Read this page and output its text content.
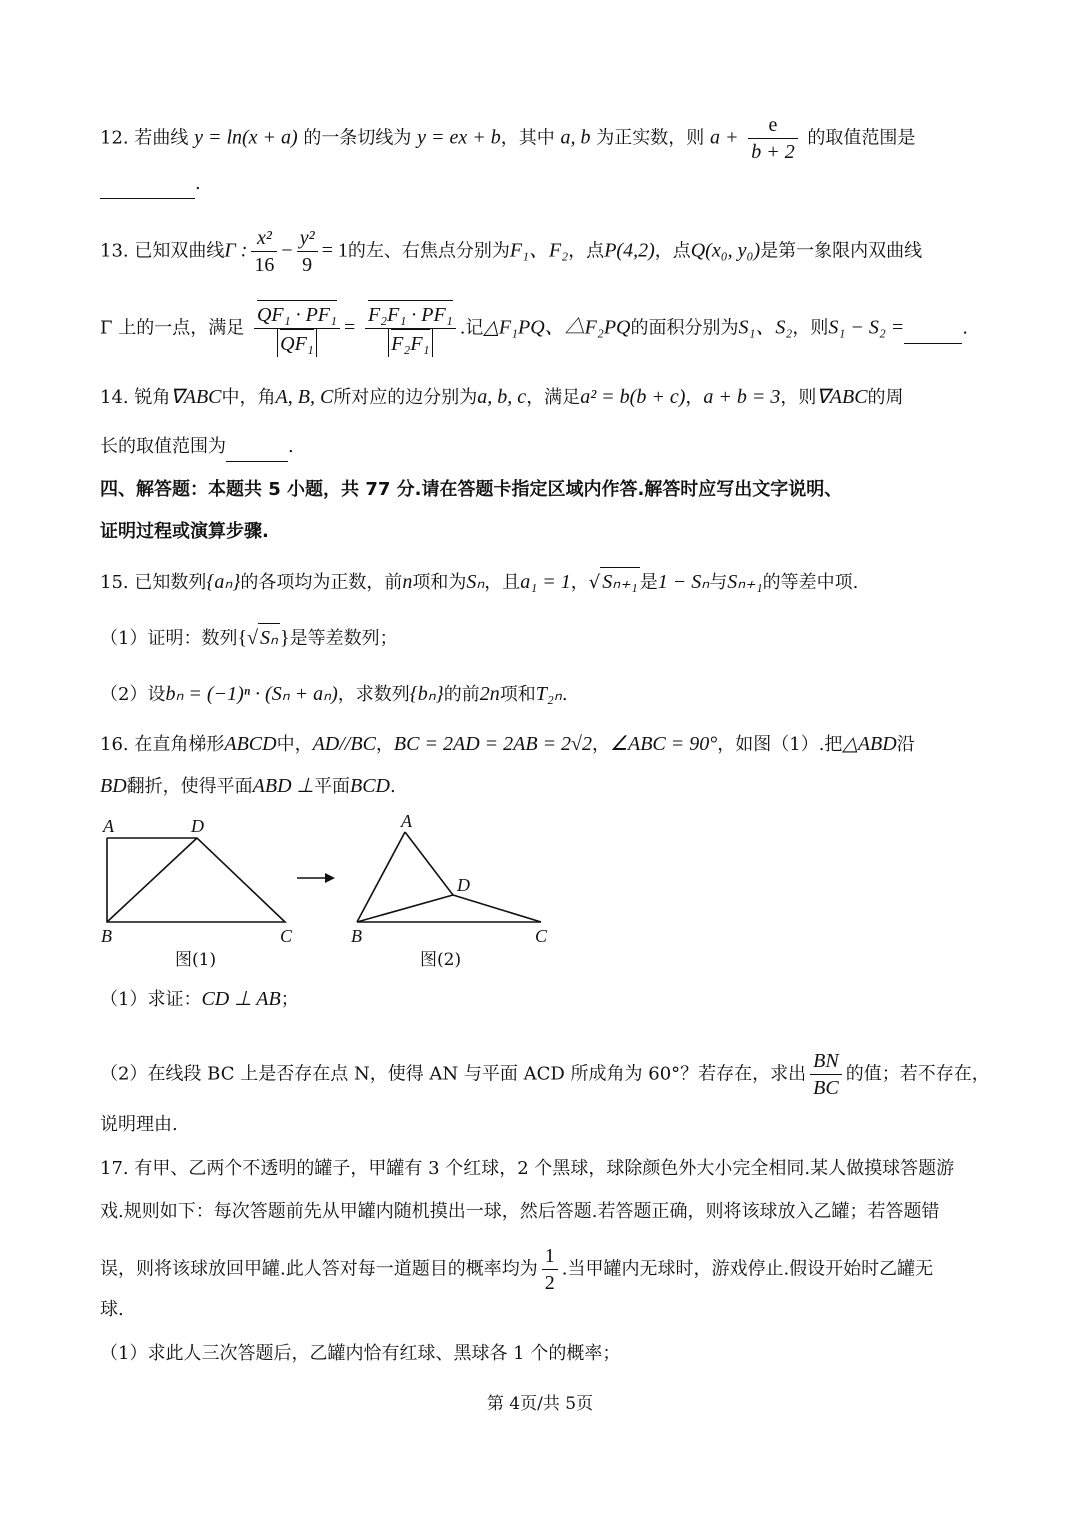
12. 若曲线 y = ln(x + a) 的一条切线为 y = ex + b，其中 a, b 为正实数，则 $a + \frac{e}{b + 2}$ 的取值范围是
.
13. 已知双曲线Γ : $\frac{\text{x²}}{16} - \frac{\text{y²}}{9} = 1$的左、右焦点分别为F₁、F₂，点P(4,2)，点Q(x₀, y₀)是第一象限内双曲线
Γ 上的一点，满足 $\frac{\text{QF₁ · PF₁}}{\text{QF₁}} = \frac{\text{F₂F₁ · PF₁}}{\text{F₂F₁}}$ .记△F₁PQ、△F₂PQ的面积分别为S₁、S₂，则S₁ − S₂ =	.
14. 锐角∇ABC中，角A, B, C所对应的边分别为a, b, c，满足a² = b(b + c)，a + b = 3，则∇ABC的周
长的取值范围为	.
四、解答题：本题共 5 小题，共 77 分.请在答题卡指定区域内作答.解答时应写出文字说明、
证明过程或演算步骤.
15. 已知数列{aₙ}的各项均为正数，前n项和为Sₙ，且a₁ = 1，√ Sₙ₊₁ 是1 − Sₙ与Sₙ₊₁的等差中项.
（1）证明：数列{√ Sₙ }是等差数列；
（2）设bₙ = (−1)ⁿ · (Sₙ + aₙ)，求数列{bₙ}的前2n项和T₂ₙ.
16. 在直角梯形ABCD中，AD//BC，BC = 2AD = 2AB = 2√2，∠ABC = 90°，如图（1）.把△ABD沿
BD翻折，使得平面ABD ⊥平面BCD.
A	D
B	C
A
D
B	C
图(1)	图(2)
（1）求证：CD ⊥ AB；
（2）在线段 BC 上是否存在点 N，使得 AN 与平面 ACD 所成角为 60°？若存在，求出 $\frac{BN}{BC}$ 的值；若不存在，
说明理由.
17. 有甲、乙两个不透明的罐子，甲罐有 3 个红球，2 个黑球，球除颜色外大小完全相同.某人做摸球答题游
戏.规则如下：每次答题前先从甲罐内随机摸出一球，然后答题.若答题正确，则将该球放入乙罐；若答题错
误，则将该球放回甲罐.此人答对每一道题目的概率均为 $\frac{1}{2}$ .当甲罐内无球时，游戏停止.假设开始时乙罐无
球.
（1）求此人三次答题后，乙罐内恰有红球、黑球各 1 个的概率；
第 4页/共 5页
